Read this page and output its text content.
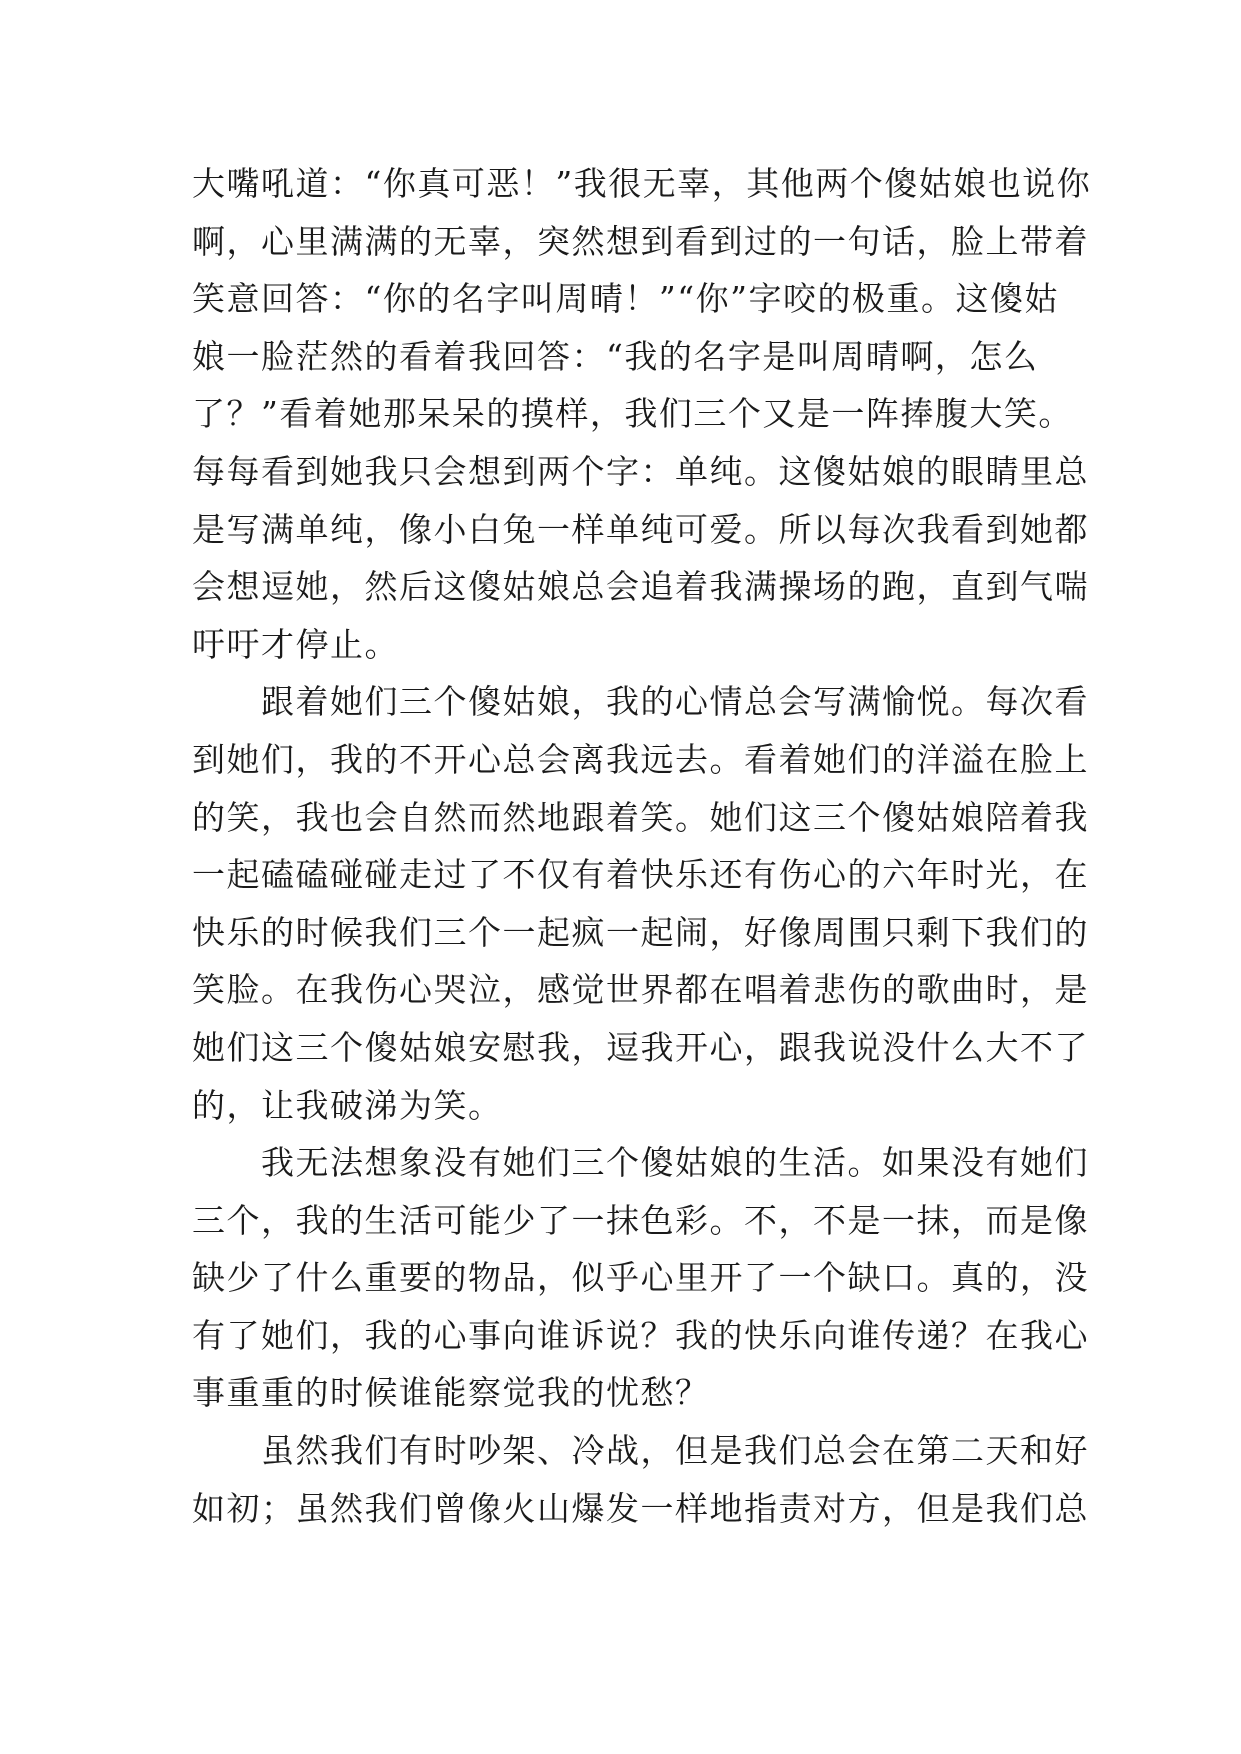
大嘴吼道：“你真可恶！”我很无辜，其他两个傻姑娘也说你
啊，心里满满的无辜，突然想到看到过的一句话，脸上带着
笑意回答：“你的名字叫周晴！”“你”字咬的极重。这傻姑
娘一脸茫然的看着我回答：“我的名字是叫周晴啊，怎么
了？”看着她那呆呆的摸样，我们三个又是一阵捧腹大笑。
每每看到她我只会想到两个字：单纯。这傻姑娘的眼睛里总
是写满单纯，像小白兔一样单纯可爱。所以每次我看到她都
会想逗她，然后这傻姑娘总会追着我满操场的跑，直到气喘
吁吁才停止。
　　跟着她们三个傻姑娘，我的心情总会写满愉悦。每次看
到她们，我的不开心总会离我远去。看着她们的洋溢在脸上
的笑，我也会自然而然地跟着笑。她们这三个傻姑娘陪着我
一起磕磕碰碰走过了不仅有着快乐还有伤心的六年时光，在
快乐的时候我们三个一起疯一起闹，好像周围只剩下我们的
笑脸。在我伤心哭泣，感觉世界都在唱着悲伤的歌曲时，是
她们这三个傻姑娘安慰我，逗我开心，跟我说没什么大不了
的，让我破涕为笑。
　　我无法想象没有她们三个傻姑娘的生活。如果没有她们
三个，我的生活可能少了一抹色彩。不，不是一抹，而是像
缺少了什么重要的物品，似乎心里开了一个缺口。真的，没
有了她们，我的心事向谁诉说？我的快乐向谁传递？在我心
事重重的时候谁能察觉我的忧愁？
　　虽然我们有时吵架、冷战，但是我们总会在第二天和好
如初；虽然我们曾像火山爆发一样地指责对方，但是我们总
